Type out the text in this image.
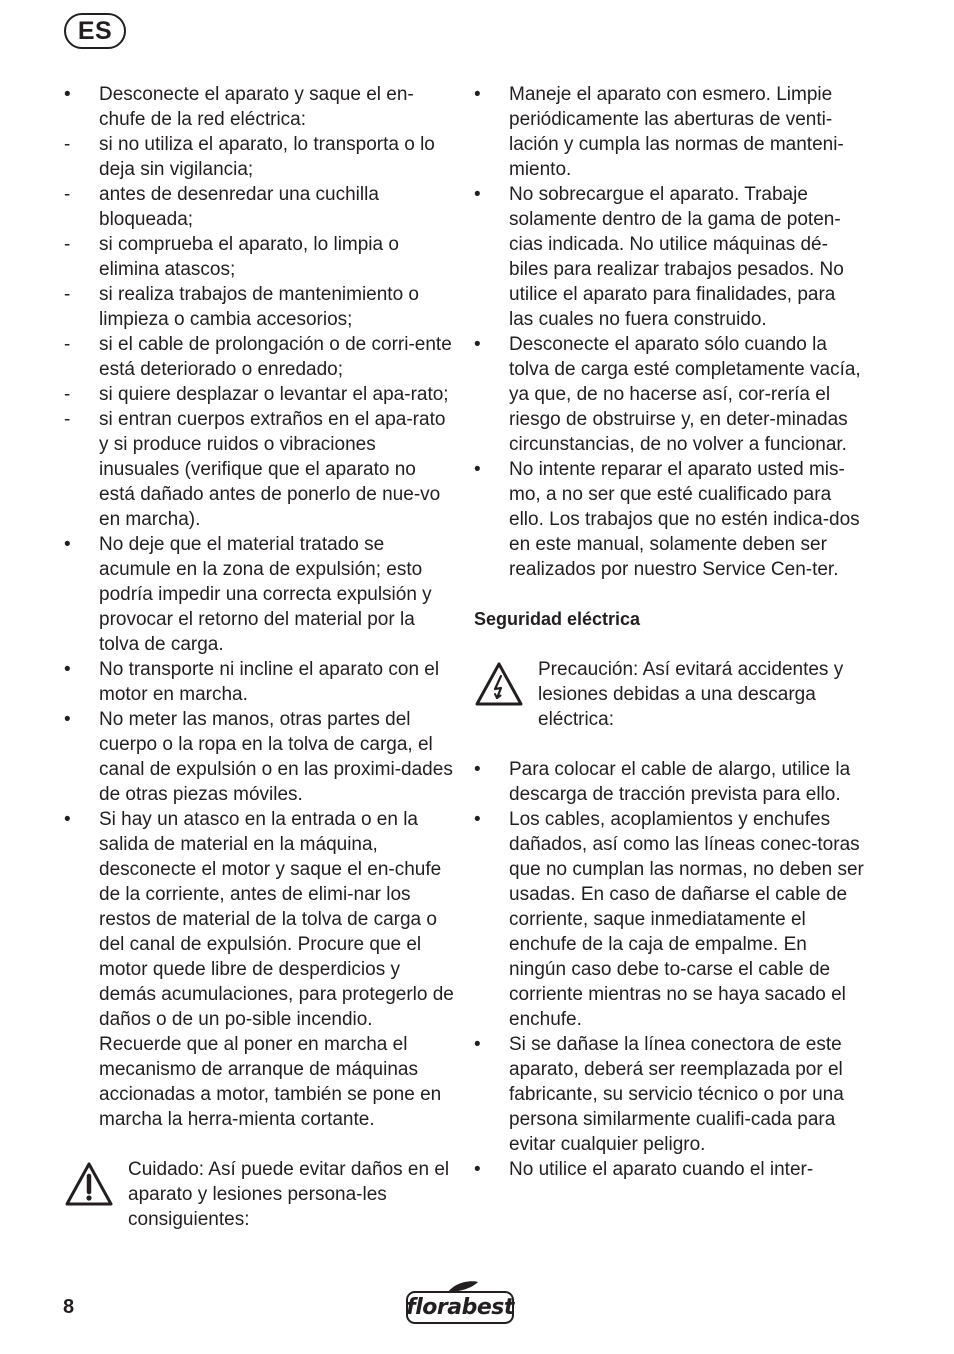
ES
• Desconecte el aparato y saque el en-chufe de la red eléctrica:
- si no utiliza el aparato, lo transporta o lo deja sin vigilancia;
- antes de desenredar una cuchilla bloqueada;
- si comprueba el aparato, lo limpia o elimina atascos;
- si realiza trabajos de mantenimiento o limpieza o cambia accesorios;
- si el cable de prolongación o de corri-ente está deteriorado o enredado;
- si quiere desplazar o levantar el apa-rato;
- si entran cuerpos extraños en el apa-rato y si produce ruidos o vibraciones inusuales (verifique que el aparato no está dañado antes de ponerlo de nue-vo en marcha).
• No deje que el material tratado se acumule en la zona de expulsión; esto podría impedir una correcta expulsión y provocar el retorno del material por la tolva de carga.
• No transporte ni incline el aparato con el motor en marcha.
• No meter las manos, otras partes del cuerpo o la ropa en la tolva de carga, el canal de expulsión o en las proximi-dades de otras piezas móviles.
• Si hay un atasco en la entrada o en la salida de material en la máquina, desconecte el motor y saque el en-chufe de la corriente, antes de elimi-nar los restos de material de la tolva de carga o del canal de expulsión. Procure que el motor quede libre de desperdicios y demás acumulaciones, para protegerlo de daños o de un po-sible incendio. Recuerde que al poner en marcha el mecanismo de arranque de máquinas accionadas a motor, también se pone en marcha la herra-mienta cortante.
Cuidado: Así puede evitar daños en el aparato y lesiones persona-les consiguientes:
• Maneje el aparato con esmero. Limpie periódicamente las aberturas de venti-lación y cumpla las normas de manteni-miento.
• No sobrecargue el aparato. Trabaje solamente dentro de la gama de poten-cias indicada. No utilice máquinas dé-biles para realizar trabajos pesados. No utilice el aparato para finalidades, para las cuales no fuera construido.
• Desconecte el aparato sólo cuando la tolva de carga esté completamente vacía, ya que, de no hacerse así, cor-rería el riesgo de obstruirse y, en deter-minadas circunstancias, de no volver a funcionar.
• No intente reparar el aparato usted mis-mo, a no ser que esté cualificado para ello. Los trabajos que no estén indica-dos en este manual, solamente deben ser realizados por nuestro Service Cen-ter.
Seguridad eléctrica
Precaución: Así evitará accidentes y lesiones debidas a una descarga eléctrica:
• Para colocar el cable de alargo, utilice la descarga de tracción prevista para ello.
• Los cables, acoplamientos y enchufes dañados, así como las líneas conec-toras que no cumplan las normas, no deben ser usadas. En caso de dañarse el cable de corriente, saque inmediatamente el enchufe de la caja de empalme. En ningún caso debe to-carse el cable de corriente mientras no se haya sacado el enchufe.
• Si se dañase la línea conectora de este aparato, deberá ser reemplazada por el fabricante, su servicio técnico o por una persona similarmente cualifi-cada para evitar cualquier peligro.
• No utilice el aparato cuando el inter-
8	florabest
